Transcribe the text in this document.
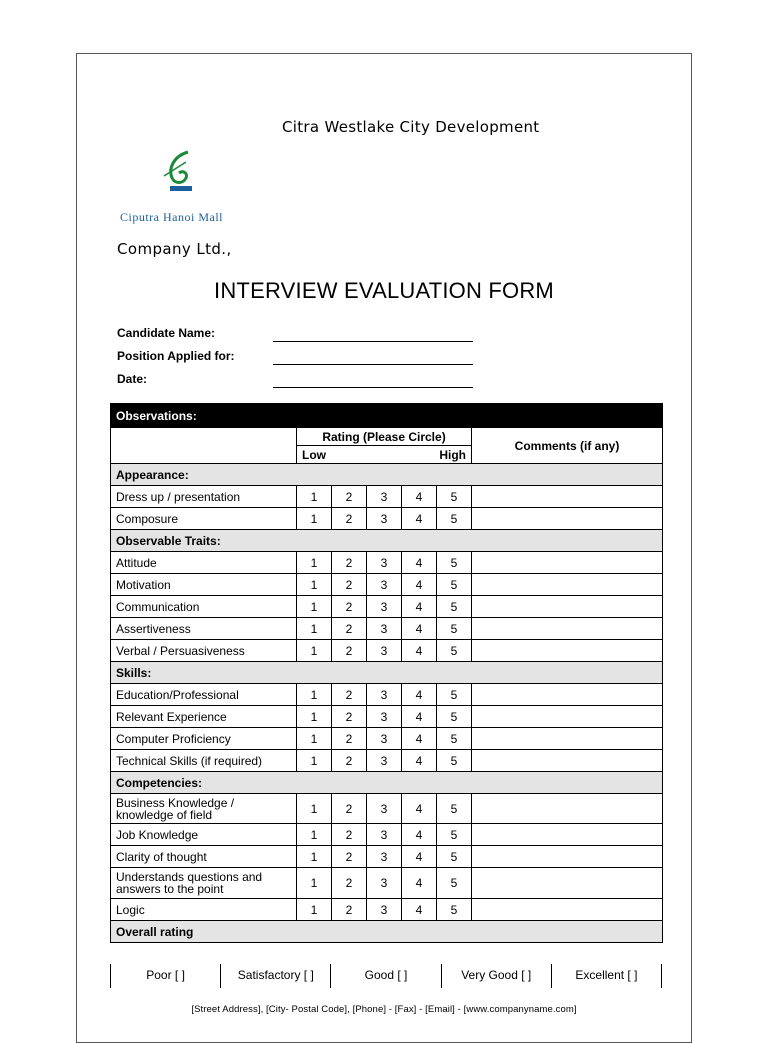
Citra Westlake City Development
Ciputra Hanoi Mall
Company Ltd.,
INTERVIEW EVALUATION FORM
Candidate Name:
Position Applied for:
Date:
Observations:						
	Rating (Please Circle)					Comments (if any)

	Low High					

Appearance:						
Dress up / presentation	1	2	3	4	5	
Composure	1	2	3	4	5	
Observable Traits:						
Attitude	1	2	3	4	5	
Motivation	1	2	3	4	5	
Communication	1	2	3	4	5	
Assertiveness	1	2	3	4	5	
Verbal / Persuasiveness	1	2	3	4	5	
Skills:						
Education/Professional	1	2	3	4	5	
Relevant Experience	1	2	3	4	5	
Computer Proficiency	1	2	3	4	5	
Technical Skills (if required)	1	2	3	4	5	
Competencies:						
Business Knowledge / knowledge of field	1	2	3	4	5	
Job Knowledge	1	2	3	4	5	
Clarity of thought	1	2	3	4	5	
Understands questions and answers to the point	1	2	3	4	5	
Logic	1	2	3	4	5	
Overall rating						
Poor [ ]	Satisfactory [ ]	Good [ ]	Very Good [ ]	Excellent [ ]
[Street Address], [City- Postal Code], [Phone] - [Fax] - [Email] - [www.companyname.com]
